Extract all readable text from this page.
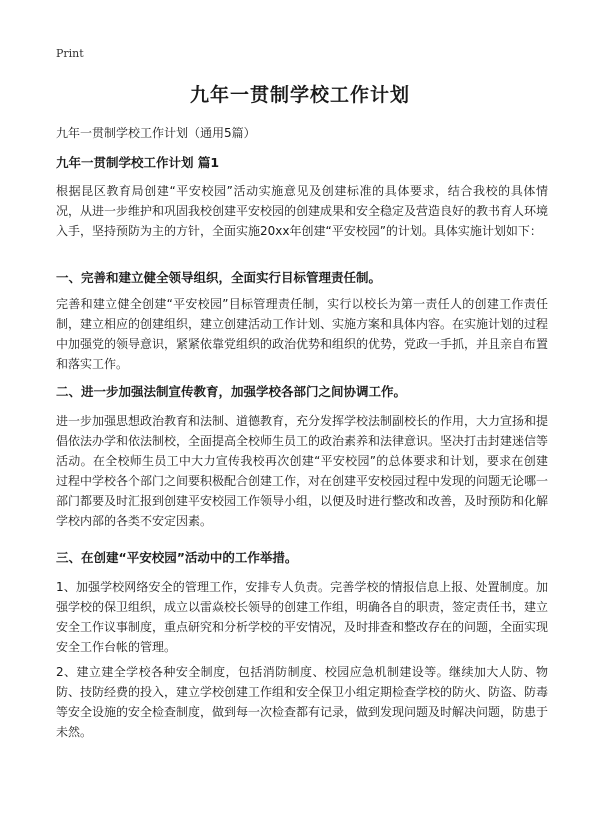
Print
九年一贯制学校工作计划
九年一贯制学校工作计划（通用5篇）
九年一贯制学校工作计划 篇1
根据昆区教育局创建“平安校园”活动实施意见及创建标准的具体要求，结合我校的具体情况，从进一步维护和巩固我校创建平安校园的创建成果和安全稳定及营造良好的教书育人环境入手，坚持预防为主的方针，全面实施20xx年创建“平安校园”的计划。具体实施计划如下：
一、完善和建立健全领导组织，全面实行目标管理责任制。
完善和建立健全创建“平安校园”目标管理责任制，实行以校长为第一责任人的创建工作责任制，建立相应的创建组织，建立创建活动工作计划、实施方案和具体内容。在实施计划的过程中加强党的领导意识，紧紧依靠党组织的政治优势和组织的优势，党政一手抓，并且亲自布置和落实工作。
二、进一步加强法制宣传教育，加强学校各部门之间协调工作。
进一步加强思想政治教育和法制、道德教育，充分发挥学校法制副校长的作用，大力宣扬和提倡依法办学和依法制校，全面提高全校师生员工的政治素养和法律意识。坚决打击封建迷信等活动。在全校师生员工中大力宣传我校再次创建“平安校园”的总体要求和计划，要求在创建过程中学校各个部门之间要积极配合创建工作，对在创建平安校园过程中发现的问题无论哪一部门都要及时汇报到创建平安校园工作领导小组，以便及时进行整改和改善，及时预防和化解学校内部的各类不安定因素。
三、在创建“平安校园”活动中的工作举措。
1、加强学校网络安全的管理工作，安排专人负责。完善学校的情报信息上报、处置制度。加强学校的保卫组织，成立以雷焱校长领导的创建工作组，明确各自的职责，签定责任书，建立安全工作议事制度，重点研究和分析学校的平安情况，及时排查和整改存在的问题，全面实现安全工作台帐的管理。
2、建立建全学校各种安全制度，包括消防制度、校园应急机制建设等。继续加大人防、物防、技防经费的投入，建立学校创建工作组和安全保卫小组定期检查学校的防火、防盗、防毒等安全设施的安全检查制度，做到每一次检查都有记录，做到发现问题及时解决问题，防患于未然。
